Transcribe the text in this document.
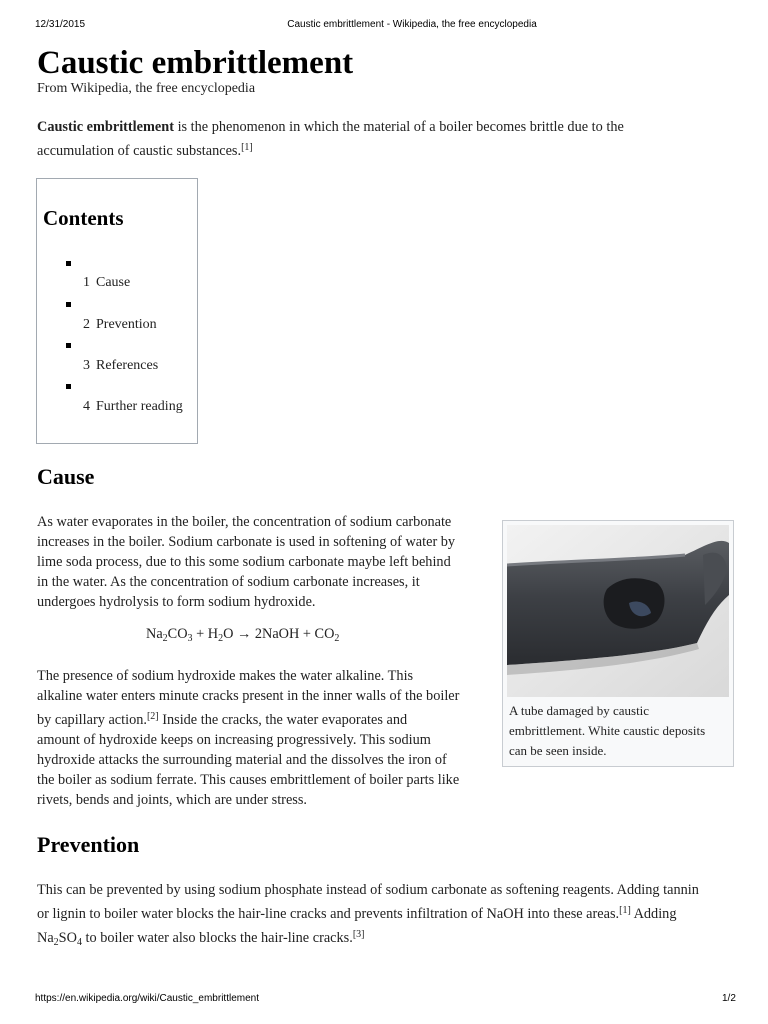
12/31/2015	Caustic embrittlement - Wikipedia, the free encyclopedia
Caustic embrittlement
From Wikipedia, the free encyclopedia
Caustic embrittlement is the phenomenon in which the material of a boiler becomes brittle due to the
accumulation of caustic substances.[1]
Contents
1 Cause
2 Prevention
3 References
4 Further reading
Cause
As water evaporates in the boiler, the concentration of sodium carbonate
increases in the boiler. Sodium carbonate is used in softening of water by
lime soda process, due to this some sodium carbonate maybe left behind
in the water. As the concentration of sodium carbonate increases, it
undergoes hydrolysis to form sodium hydroxide.
$Na_2CO_3 + H_2O$ → 2NaOH + $CO_2$
The presence of sodium hydroxide makes the water alkaline. This
alkaline water enters minute cracks present in the inner walls of the boiler
by capillary action.[2] Inside the cracks, the water evaporates and
amount of hydroxide keeps on increasing progressively. This sodium
hydroxide attacks the surrounding material and the dissolves the iron of
the boiler as sodium ferrate. This causes embrittlement of boiler parts like
rivets, bends and joints, which are under stress.
A tube damaged by caustic
embrittlement. White caustic deposits
can be seen inside.
Prevention
This can be prevented by using sodium phosphate instead of sodium carbonate as softening reagents. Adding tannin
or lignin to boiler water blocks the hair-line cracks and prevents infiltration of NaOH into these areas.[1] Adding
$Na_2SO_4$ to boiler water also blocks the hair-line cracks.[3]
https://en.wikipedia.org/wiki/Caustic_embrittlement	1/2
